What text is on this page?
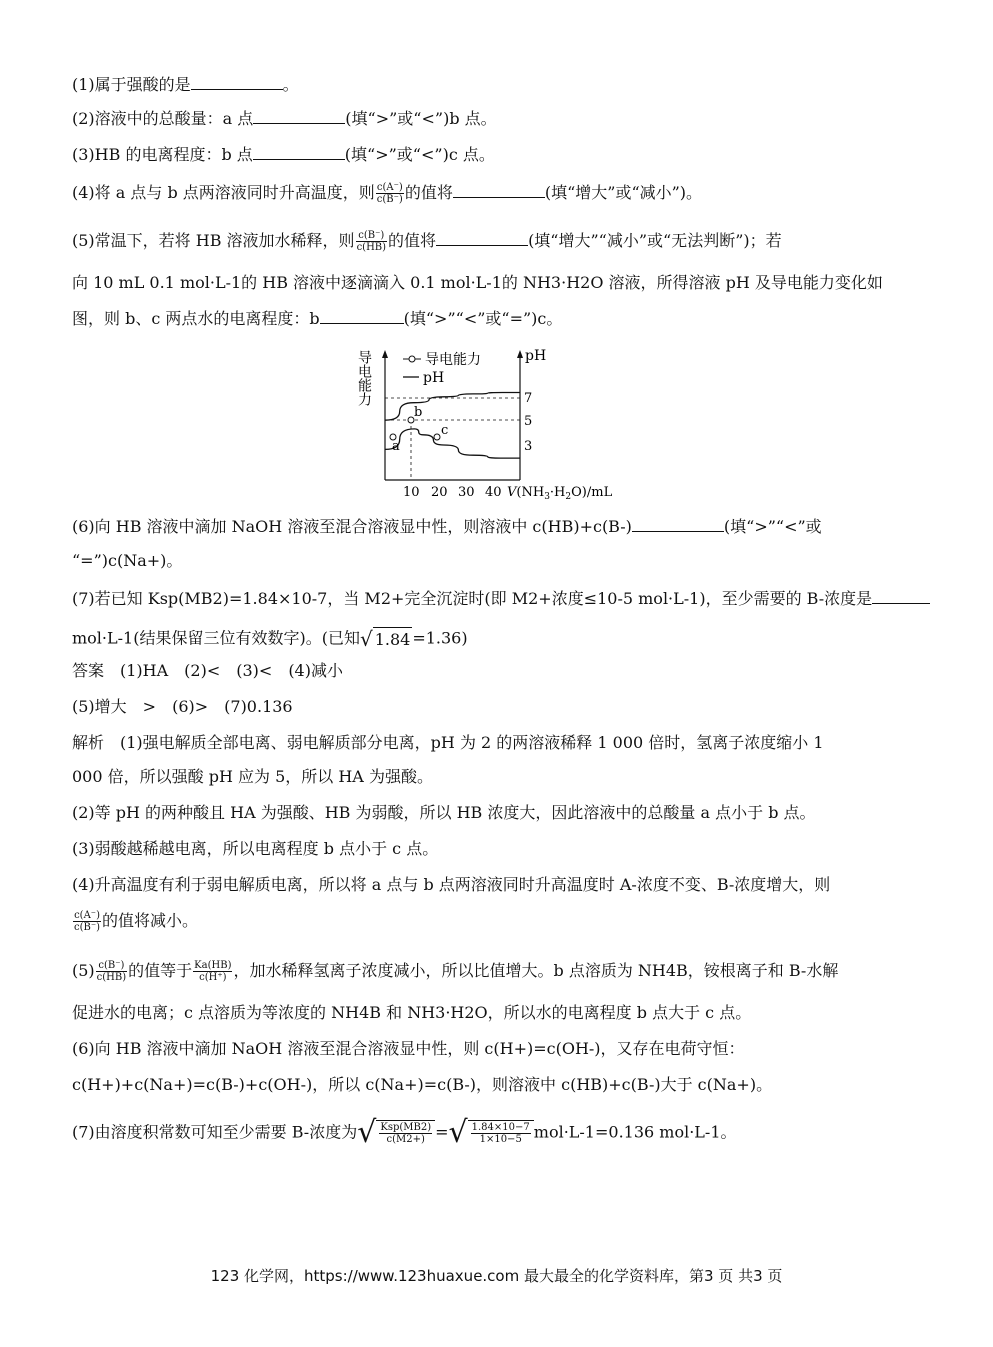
(1)属于强酸的是	。
(2)溶液中的总酸量：a 点	(填“>”或“<”)b 点。
(3)HB 的电离程度：b 点	(填“>”或“<”)c 点。
(4)将 a 点与 b 点两溶液同时升高温度，则 $\frac{c(A^-)}{c(B^-)}$ 的值将	(填“增大”或“减小”)。
(5)常温下，若将 HB 溶液加水稀释，则 $\frac{c(B^-)}{c(HB)}$ 的值将	(填“增大”“减小”或“无法判断”)；若
向 10 mL 0.1 mol·L-1的 HB 溶液中逐滴滴入 0.1 mol·L-1的 NH3·H2O 溶液，所得溶液 pH 及导电能力变化如
图，则 b、c 两点水的电离程度：b	(填“>”“<”或“=”)c。
a
b
c
导电能力
pH
导电能力	pH
7
5
3
10 20 30 40 $V(NH_3\cdot H_2O)/mL$
(6)向 HB 溶液中滴加 NaOH 溶液至混合溶液显中性，则溶液中 c(HB)+c(B-)	(填“>”“<”或
“=”)c(Na+)。
(7)若已知 Ksp(MB2)=1.84×10-7，当 M2+完全沉淀时(即 M2+浓度≤10-5 mol·L-1)，至少需要的 B-浓度是
mol·L-1(结果保留三位有效数字)。(已知√ 1.84 =1.36)
答案　(1)HA　(2)<　(3)<　(4)减小
(5)增大　>　(6)>　(7)0.136
解析　(1)强电解质全部电离、弱电解质部分电离，pH 为 2 的两溶液稀释 1 000 倍时，氢离子浓度缩小 1
000 倍，所以强酸 pH 应为 5，所以 HA 为强酸。
(2)等 pH 的两种酸且 HA 为强酸、HB 为弱酸，所以 HB 浓度大，因此溶液中的总酸量 a 点小于 b 点。
(3)弱酸越稀越电离，所以电离程度 b 点小于 c 点。
(4)升高温度有利于弱电解质电离，所以将 a 点与 b 点两溶液同时升高温度时 A-浓度不变、B-浓度增大，则
$\frac{c(A^-)}{c(B^-)}$ 的值将减小。
$(5) \frac{c(B^-)}{c(HB)}$ 的值等于 $\frac{Ka(HB)}{c(H^+)}$ ，加水稀释氢离子浓度减小，所以比值增大。b 点溶质为 NH4B，铵根离子和 B-水解
促进水的电离；c 点溶质为等浓度的 NH4B 和 NH3·H2O，所以水的电离程度 b 点大于 c 点。
(6)向 HB 溶液中滴加 NaOH 溶液至混合溶液显中性，则 c(H+)=c(OH-)，又存在电荷守恒：
c(H+)+c(Na+)=c(B-)+c(OH-)，所以 c(Na+)=c(B-)，则溶液中 c(HB)+c(B-)大于 c(Na+)。
(7)由溶度积常数可知至少需要 B-浓度为√ $\frac{\text{Ksp(MB2)}}{c(M2+)}$ =√ $\frac{1.84\times 10-7}{1\times 10-5} mol\cdot L-1=0.136$ mol·L-1。
123 化学网，https://www.123huaxue.com 最大最全的化学资料库，第3 页 共3 页
